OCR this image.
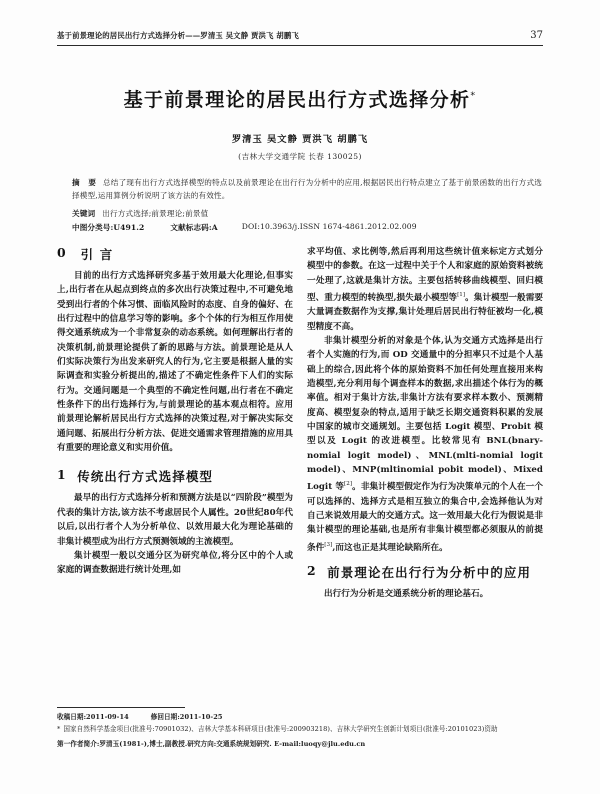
基于前景理论的居民出行方式选择分析——罗清玉 吴文静 贾洪飞 胡鹏飞	37
基于前景理论的居民出行方式选择分析*
罗清玉 吴文静 贾洪飞 胡鹏飞
(吉林大学交通学院 长春 130025)
摘 要 总结了现有出行方式选择模型的特点以及前景理论在出行行为分析中的应用,根据居民出行特点建立了基于前景函数的出行方式选择模型,运用算例分析说明了该方法的有效性。
关键词 出行方式选择;前景理论;前景值
中图分类号:U491.2	文献标志码:A	DOI:10.3963/j.ISSN 1674-4861.2012.02.009
0 引 言

目前的出行方式选择研究多基于效用最大化理论,但事实上,出行者在从起点到终点的多次出行决策过程中,不可避免地受到出行者的个体习惯、面临风险时的态度、自身的偏好、在出行过程中的信息学习等的影响。多个个体的行为相互作用使得交通系统成为一个非常复杂的动态系统。如何理解出行者的决策机制,前景理论提供了新的思路与方法。前景理论是从人们实际决策行为出发来研究人的行为,它主要是根据人量的实际调查和实验分析提出的,描述了不确定性条件下人们的实际行为。交通问题是一个典型的不确定性问题,出行者在不确定性条件下的出行选择行为,与前景理论的基本观点相符。应用前景理论解析居民出行方式选择的决策过程,对于解决实际交通问题、拓展出行分析方法、促进交通需求管理措施的应用具有重要的理论意义和实用价值。

1 传统出行方式选择模型

最早的出行方式选择分析和预测方法是以“四阶段”模型为代表的集计方法,该方法不考虑居民个人属性。20世纪80年代以后,以出行者个人为分析单位、以效用最大化为理论基础的非集计模型成为出行方式预测领域的主流模型。

集计模型一般以交通分区为研究单位,将分区中的个人或家庭的调查数据进行统计处理,如

求平均值、求比例等,然后再利用这些统计值来标定方式划分模型中的参数。在这一过程中关于个人和家庭的原始资料被统一处理了,这就是集计方法。主要包括转移曲线模型、回归模型、重力模型的转换型,损失最小模型等[1]。集计模型一般需要大量调查数据作为支撑,集计处理后居民出行特征被均一化,模型精度不高。

非集计模型分析的对象是个体,认为交通方式选择是出行者个人实施的行为,而 OD 交通量中的分担率只不过是个人基础上的综合,因此将个体的原始资料不加任何处理直接用来构造模型,充分利用每个调查样本的数据,求出描述个体行为的概率值。相对于集计方法,非集计方法有要求样本数小、预测精度高、模型复杂的特点,适用于缺乏长期交通资料积累的发展中国家的城市交通规划。主要包括 Logit 模型、Probit 模型以及 Logit 的改进模型。比较常见有 BNL(bnary-nomial logit model)、MNL(mlti-nomial logit model)、MNP(mltinomial pobit model)、Mixed Logit 等[2]。非集计模型假定作为行为决策单元的个人在一个可以选择的、选择方式是相互独立的集合中,会选择他认为对自己来说效用最大的交通方式。这一效用最大化行为假说是非集计模型的理论基础,也是所有非集计模型都必须服从的前提条件[3],而这也正是其理论缺陷所在。

2 前景理论在出行行为分析中的应用

出行行为分析是交通系统分析的理论基石。

收稿日期:2011-09-14	修回日期:2011-10-25
* 国家自然科学基金项目(批准号:70901032)、吉林大学基本科研项目(批准号:200903218)、吉林大学研究生创新计划项目(批准号:20101023)资助
第一作者简介:罗清玉(1981-),博士,副教授.研究方向:交通系统规划研究. E-mail:luoqy@jlu.edu.cn
